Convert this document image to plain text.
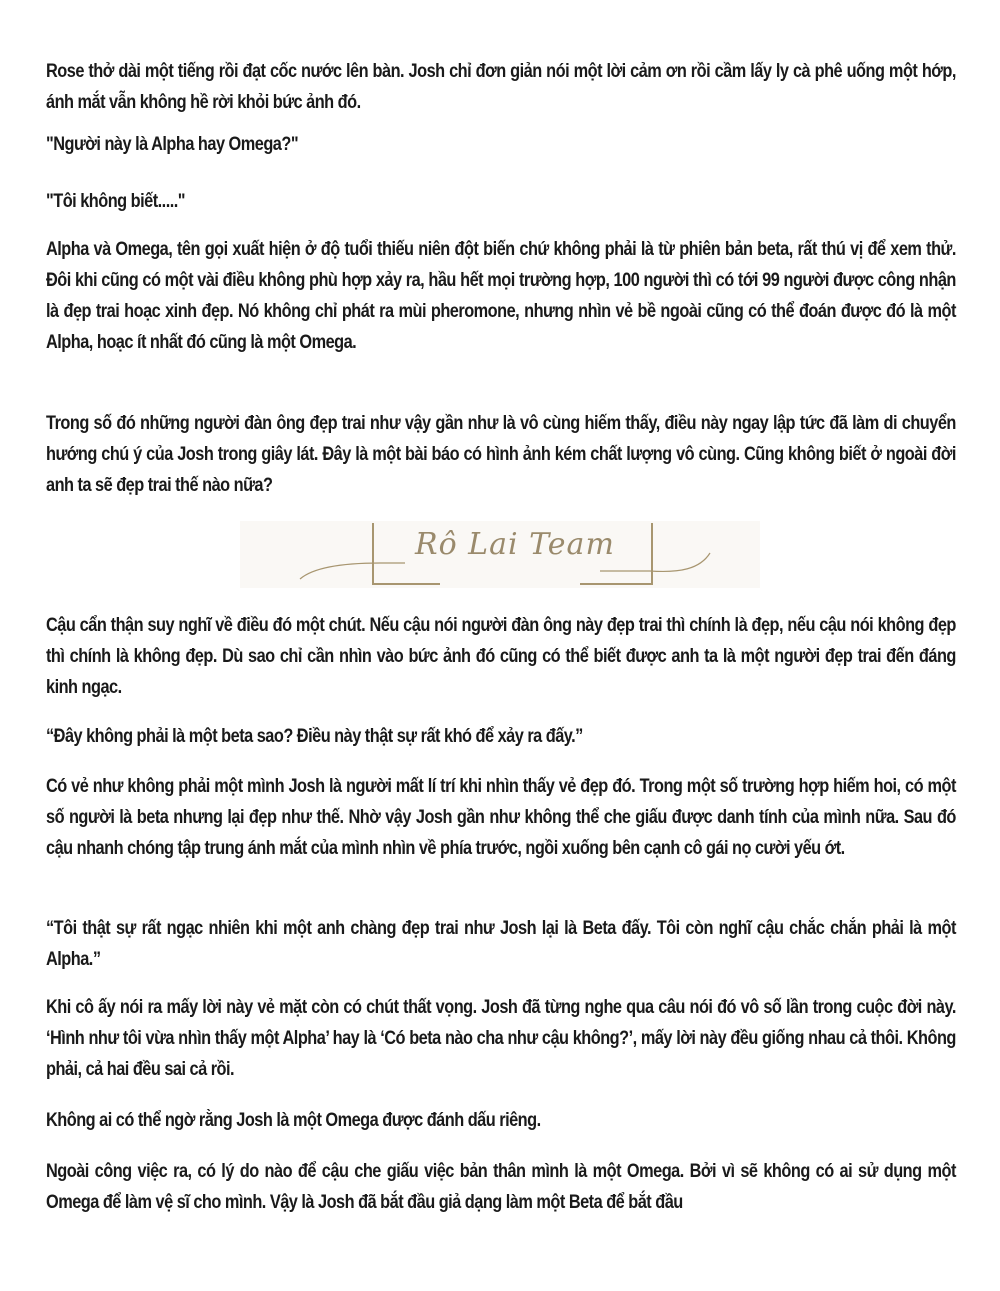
Rose thở dài một tiếng rồi đạt cốc nước lên bàn. Josh chỉ đơn giản nói một lời cảm ơn rồi cầm lấy ly cà phê uống một hớp, ánh mắt vẫn không hề rời khỏi bức ảnh đó.

"Người này là Alpha hay Omega?"

"Tôi không biết....."

Alpha và Omega, tên gọi xuất hiện ở độ tuổi thiếu niên đột biến chứ không phải là từ phiên bản beta, rất thú vị để xem thử. Đôi khi cũng có một vài điều không phù hợp xảy ra, hầu hết mọi trường hợp, 100 người thì có tới 99 người được công nhận là đẹp trai hoạc xinh đẹp. Nó không chỉ phát ra mùi pheromone, nhưng nhìn vẻ bề ngoài cũng có thể đoán được đó là một Alpha, hoạc ít nhất đó cũng là một Omega.

Trong số đó những người đàn ông đẹp trai như vậy gần như là vô cùng hiếm thấy, điều này ngay lập tức đã làm di chuyển hướng chú ý của Josh trong giây lát. Đây là một bài báo có hình ảnh kém chất lượng vô cùng. Cũng không biết ở ngoài đời anh ta sẽ đẹp trai thế nào nữa?

Rô Lai Team

Cậu cẩn thận suy nghĩ về điều đó một chút. Nếu cậu nói người đàn ông này đẹp trai thì chính là đẹp, nếu cậu nói không đẹp thì chính là không đẹp. Dù sao chỉ cần nhìn vào bức ảnh đó cũng có thể biết được anh ta là một người đẹp trai đến đáng kinh ngạc.

“Đây không phải là một beta sao? Điều này thật sự rất khó để xảy ra đấy.”

Có vẻ như không phải một mình Josh là người mất lí trí khi nhìn thấy vẻ đẹp đó. Trong một số trường hợp hiếm hoi, có một số người là beta nhưng lại đẹp như thế. Nhờ vậy Josh gần như không thể che giấu được danh tính của mình nữa. Sau đó cậu nhanh chóng tập trung ánh mắt của mình nhìn về phía trước, ngồi xuống bên cạnh cô gái nọ cười yếu ớt.

“Tôi thật sự rất ngạc nhiên khi một anh chàng đẹp trai như Josh lại là Beta đấy. Tôi còn nghĩ cậu chắc chắn phải là một Alpha.”

Khi cô ấy nói ra mấy lời này vẻ mặt còn có chút thất vọng. Josh đã từng nghe qua câu nói đó vô số lần trong cuộc đời này. ‘Hình như tôi vừa nhìn thấy một Alpha’ hay là ‘Có beta nào cha như cậu không?’, mấy lời này đều giống nhau cả thôi. Không phải, cả hai đều sai cả rồi.

Không ai có thể ngờ rằng Josh là một Omega được đánh dấu riêng.

Ngoài công việc ra, có lý do nào để cậu che giấu việc bản thân mình là một Omega. Bởi vì sẽ không có ai sử dụng một Omega để làm vệ sĩ cho mình. Vậy là Josh đã bắt đầu giả dạng làm một Beta để bắt đầu
